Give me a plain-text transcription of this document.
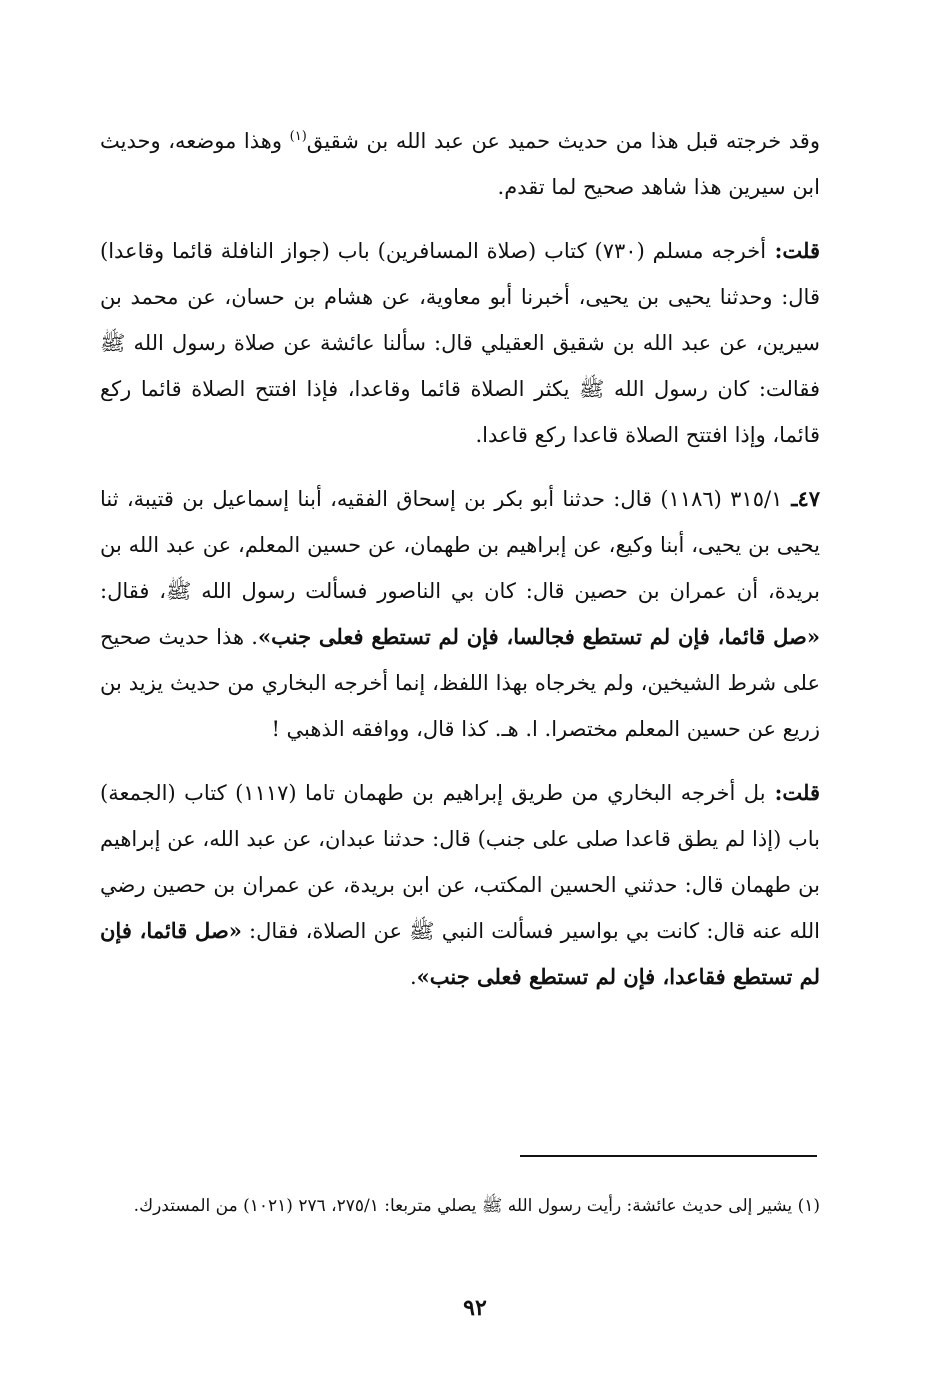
وقد خرجته قبل هذا من حديث حميد عن عبد الله بن شقيق$^{(١)}$ وهذا موضعه، وحديث ابن سيرين هذا شاهد صحيح لما تقدم.

قلت: أخرجه مسلم (٧٣٠) كتاب (صلاة المسافرين) باب (جواز النافلة قائما وقاعدا) قال: وحدثنا يحيى بن يحيى، أخبرنا أبو معاوية، عن هشام بن حسان، عن محمد بن سيرين، عن عبد الله بن شقيق العقيلي قال: سألنا عائشة عن صلاة رسول الله ﷺ فقالت: كان رسول الله ﷺ يكثر الصلاة قائما وقاعدا، فإذا افتتح الصلاة قائما ركع قائما، وإذا افتتح الصلاة قاعدا ركع قاعدا.

٤٧ـ ٣١٥/١ (١١٨٦) قال: حدثنا أبو بكر بن إسحاق الفقيه، أبنا إسماعيل بن قتيبة، ثنا يحيى بن يحيى، أبنا وكيع، عن إبراهيم بن طهمان، عن حسين المعلم، عن عبد الله بن بريدة، أن عمران بن حصين قال: كان بي الناصور فسألت رسول الله ﷺ، فقال: «صل قائما، فإن لم تستطع فجالسا، فإن لم تستطع فعلى جنب». هذا حديث صحيح على شرط الشيخين، ولم يخرجاه بهذا اللفظ، إنما أخرجه البخاري من حديث يزيد بن زريع عن حسين المعلم مختصرا. ا. هـ. كذا قال، ووافقه الذهبي !

قلت: بل أخرجه البخاري من طريق إبراهيم بن طهمان تاما (١١١٧) كتاب (الجمعة) باب (إذا لم يطق قاعدا صلى على جنب) قال: حدثنا عبدان، عن عبد الله، عن إبراهيم بن طهمان قال: حدثني الحسين المكتب، عن ابن بريدة، عن عمران بن حصين رضي الله عنه قال: كانت بي بواسير فسألت النبي ﷺ عن الصلاة، فقال: «صل قائما، فإن لم تستطع فقاعدا، فإن لم تستطع فعلى جنب».

(١) يشير إلى حديث عائشة: رأيت رسول الله ﷺ يصلي متربعا: ٢٧٥/١، ٢٧٦ (١٠٢١) من المستدرك.

٩٢
